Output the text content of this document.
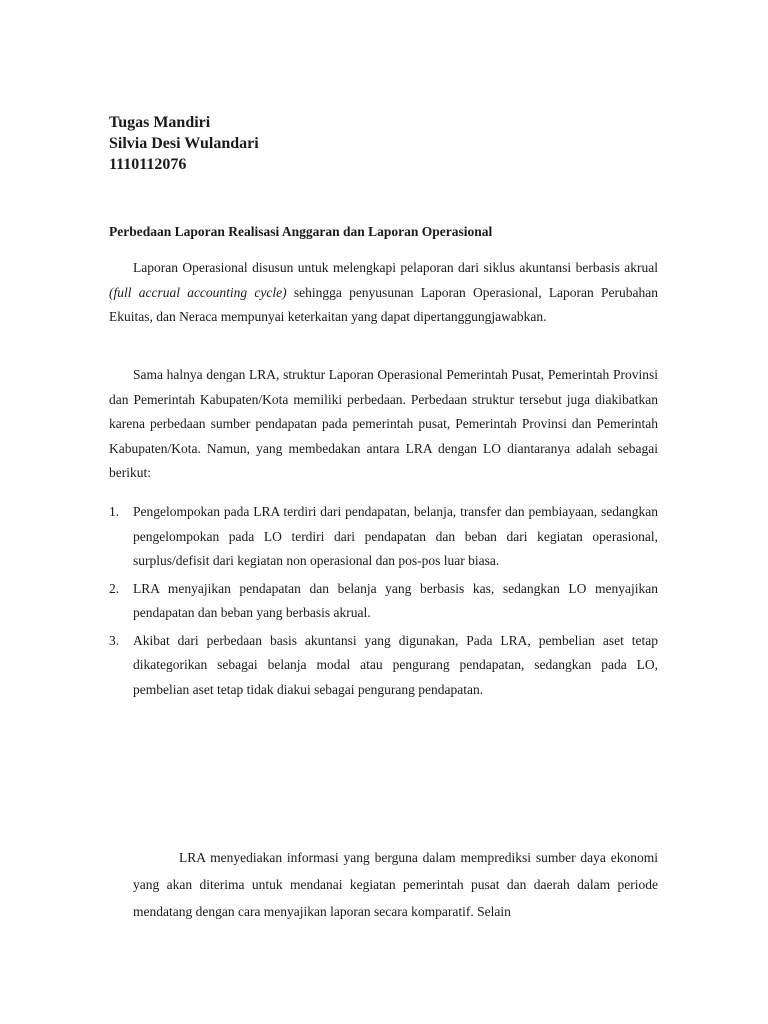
Tugas Mandiri
Silvia Desi Wulandari
1110112076
Perbedaan Laporan Realisasi Anggaran dan Laporan Operasional
Laporan Operasional disusun untuk melengkapi pelaporan dari siklus akuntansi berbasis akrual (full accrual accounting cycle) sehingga penyusunan Laporan Operasional, Laporan Perubahan Ekuitas, dan Neraca mempunyai keterkaitan yang dapat dipertanggungjawabkan.
Sama halnya dengan LRA, struktur Laporan Operasional Pemerintah Pusat, Pemerintah Provinsi dan Pemerintah Kabupaten/Kota memiliki perbedaan. Perbedaan struktur tersebut juga diakibatkan karena perbedaan sumber pendapatan pada pemerintah pusat, Pemerintah Provinsi dan Pemerintah Kabupaten/Kota. Namun, yang membedakan antara LRA dengan LO diantaranya adalah sebagai berikut:
1. Pengelompokan pada LRA terdiri dari pendapatan, belanja, transfer dan pembiayaan, sedangkan pengelompokan pada LO terdiri dari pendapatan dan beban dari kegiatan operasional, surplus/defisit dari kegiatan non operasional dan pos-pos luar biasa.
2. LRA menyajikan pendapatan dan belanja yang berbasis kas, sedangkan LO menyajikan pendapatan dan beban yang berbasis akrual.
3. Akibat dari perbedaan basis akuntansi yang digunakan, Pada LRA, pembelian aset tetap dikategorikan sebagai belanja modal atau pengurang pendapatan, sedangkan pada LO, pembelian aset tetap tidak diakui sebagai pengurang pendapatan.
LRA menyediakan informasi yang berguna dalam memprediksi sumber daya ekonomi yang akan diterima untuk mendanai kegiatan pemerintah pusat dan daerah dalam periode mendatang dengan cara menyajikan laporan secara komparatif. Selain
